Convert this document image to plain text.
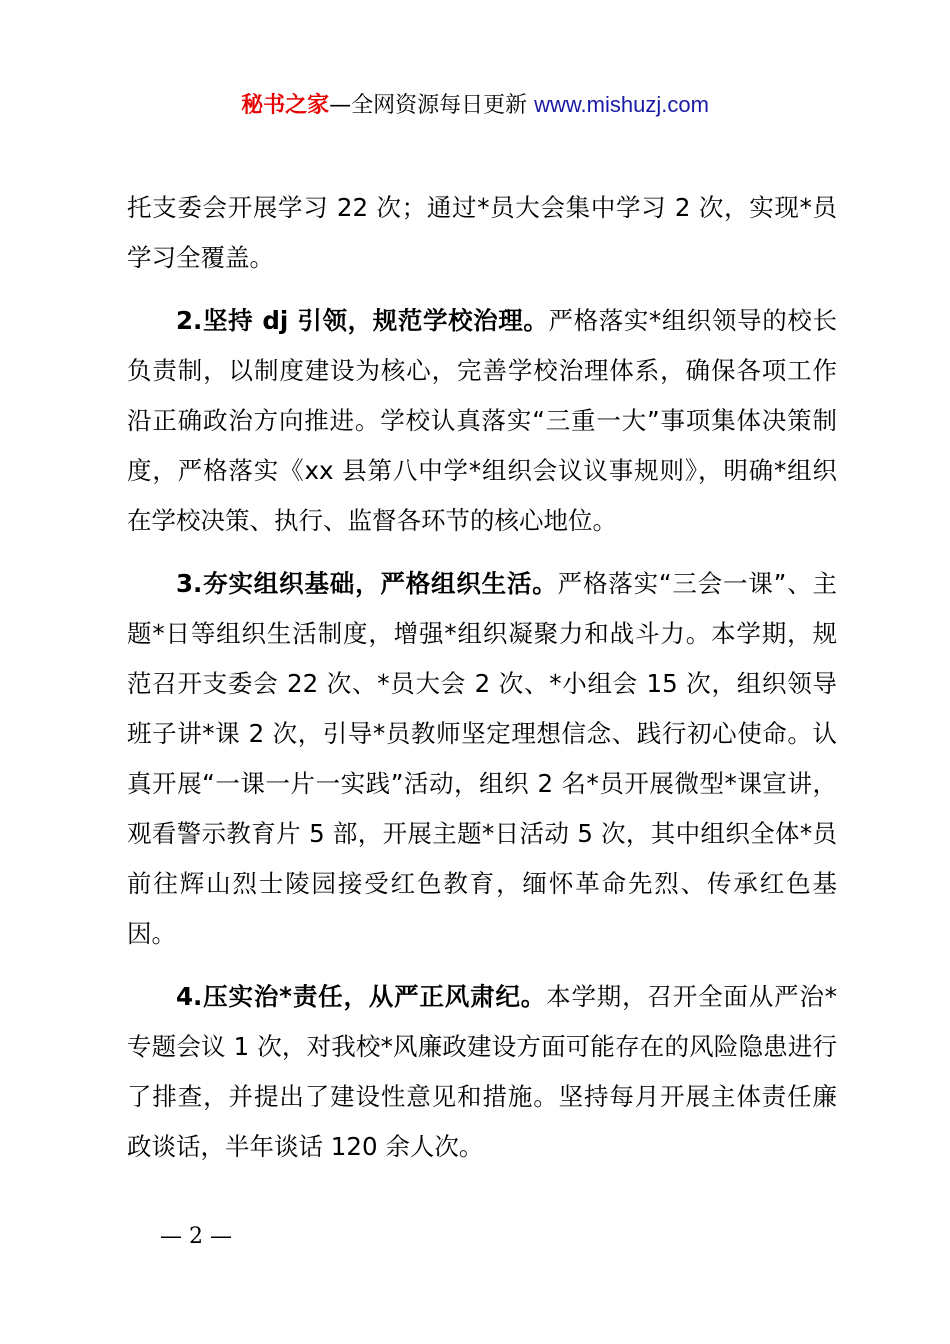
秘书之家—全网资源每日更新 www.mishuzj.com

托支委会开展学习 22 次；通过*员大会集中学习 2 次，实现*员学习全覆盖。

2.坚持 dj 引领，规范学校治理。严格落实*组织领导的校长负责制，以制度建设为核心，完善学校治理体系，确保各项工作沿正确政治方向推进。学校认真落实“三重一大”事项集体决策制度，严格落实《xx 县第八中学*组织会议议事规则》，明确*组织在学校决策、执行、监督各环节的核心地位。

3.夯实组织基础，严格组织生活。严格落实“三会一课”、主题*日等组织生活制度，增强*组织凝聚力和战斗力。本学期，规范召开支委会 22 次、*员大会 2 次、*小组会 15 次，组织领导班子讲*课 2 次，引导*员教师坚定理想信念、践行初心使命。认真开展“一课一片一实践”活动，组织 2 名*员开展微型*课宣讲，观看警示教育片 5 部，开展主题*日活动 5 次，其中组织全体*员前往辉山烈士陵园接受红色教育，缅怀革命先烈、传承红色基因。

4.压实治*责任，从严正风肃纪。本学期，召开全面从严治*专题会议 1 次，对我校*风廉政建设方面可能存在的风险隐患进行了排查，并提出了建设性意见和措施。坚持每月开展主体责任廉政谈话，半年谈话 120 余人次。

— 2 —
